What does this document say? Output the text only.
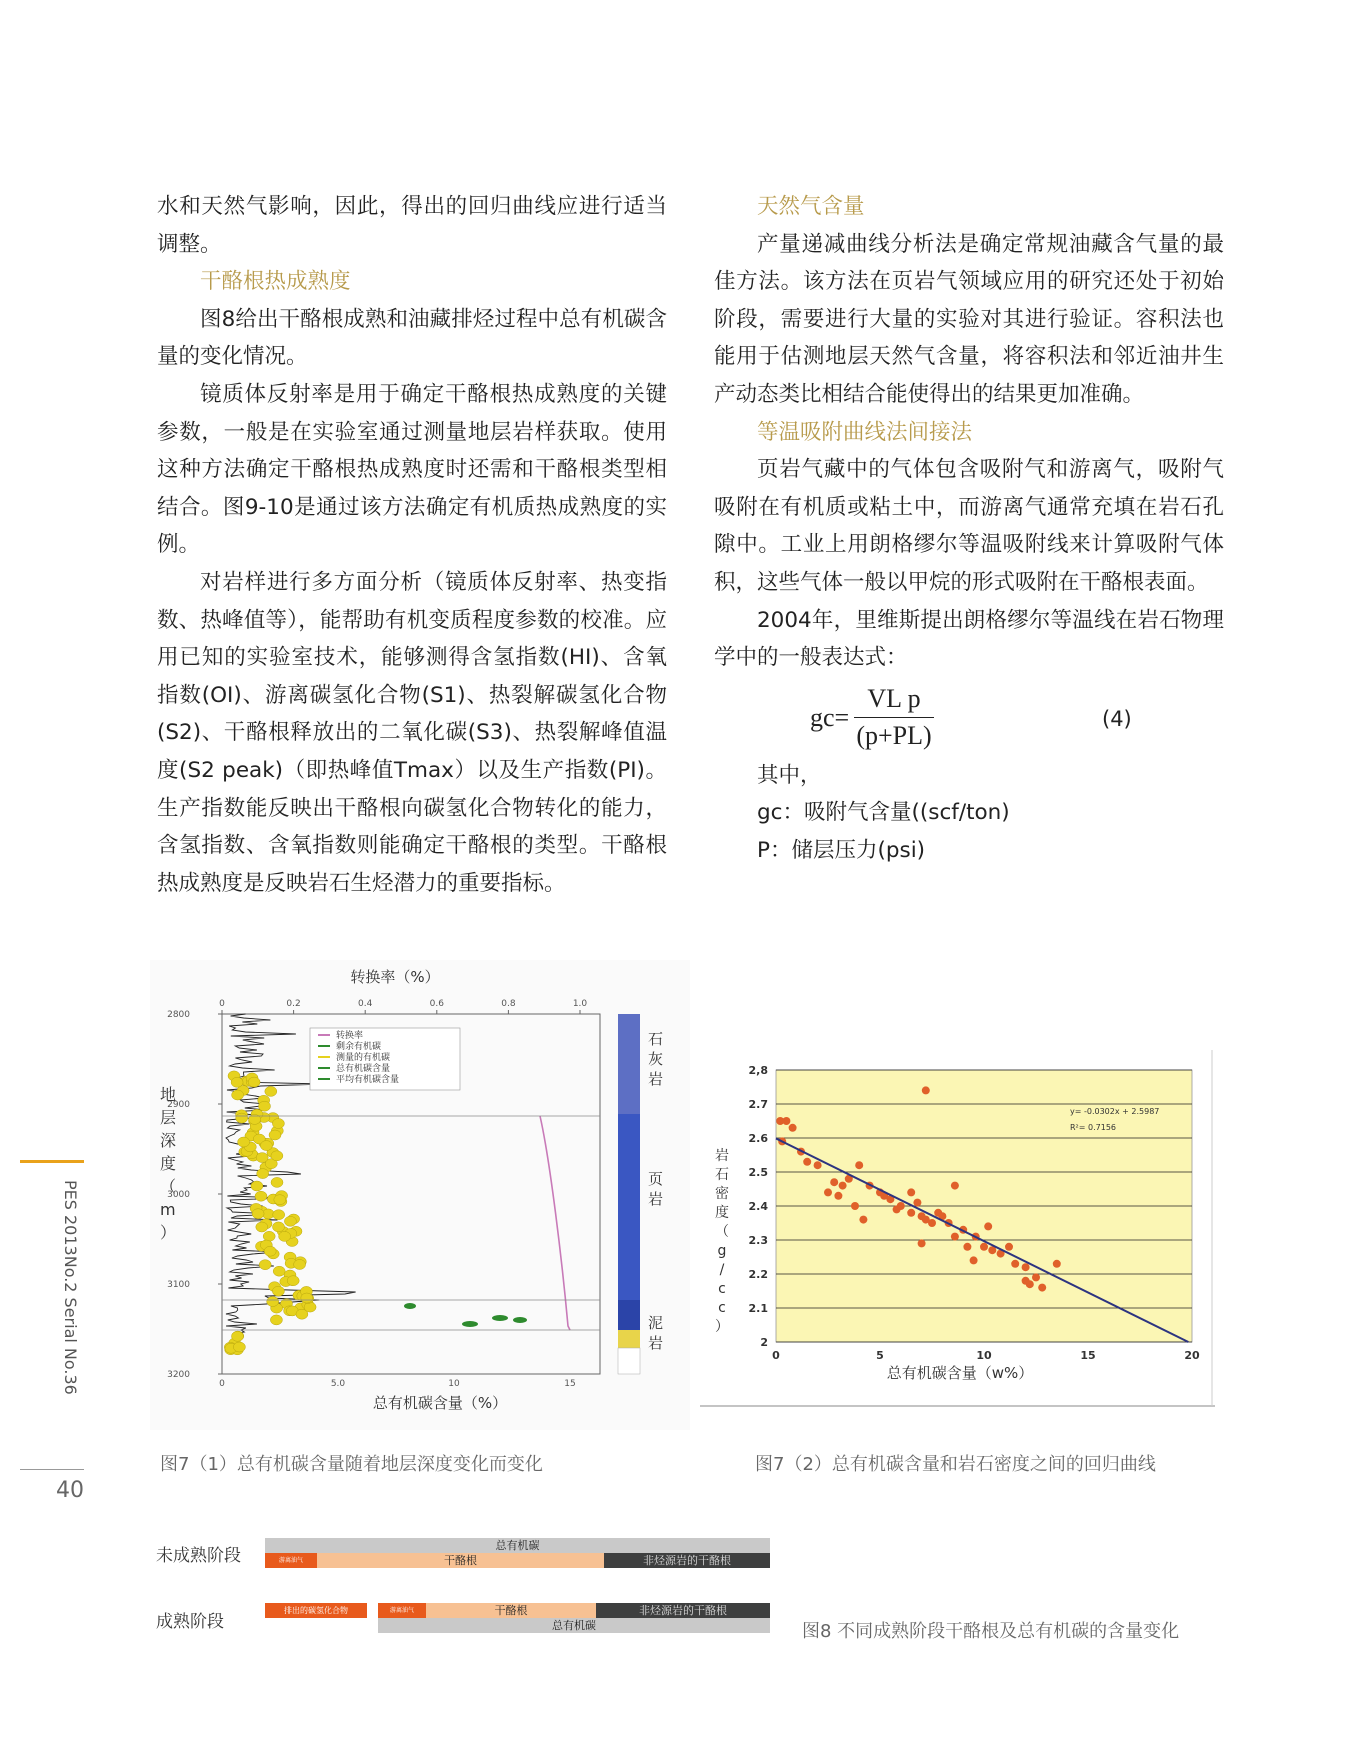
水和天然气影响，因此，得出的回归曲线应进行适当调整。

干酪根热成熟度

图8给出干酪根成熟和油藏排烃过程中总有机碳含量的变化情况。

镜质体反射率是用于确定干酪根热成熟度的关键参数，一般是在实验室通过测量地层岩样获取。使用这种方法确定干酪根热成熟度时还需和干酪根类型相结合。图9-10是通过该方法确定有机质热成熟度的实例。

对岩样进行多方面分析（镜质体反射率、热变指数、热峰值等），能帮助有机变质程度参数的校准。应用已知的实验室技术，能够测得含氢指数(HI)、含氧指数(OI)、游离碳氢化合物(S1)、热裂解碳氢化合物(S2)、干酪根释放出的二氧化碳(S3)、热裂解峰值温度(S2 peak)（即热峰值Tmax）以及生产指数(PI)。生产指数能反映出干酪根向碳氢化合物转化的能力，含氢指数、含氧指数则能确定干酪根的类型。干酪根热成熟度是反映岩石生烃潜力的重要指标。

天然气含量

产量递减曲线分析法是确定常规油藏含气量的最佳方法。该方法在页岩气领域应用的研究还处于初始阶段，需要进行大量的实验对其进行验证。容积法也能用于估测地层天然气含量，将容积法和邻近油井生产动态类比相结合能使得出的结果更加准确。

等温吸附曲线法间接法

页岩气藏中的气体包含吸附气和游离气，吸附气吸附在有机质或粘土中，而游离气通常充填在岩石孔隙中。工业上用朗格缪尔等温吸附线来计算吸附气体积，这些气体一般以甲烷的形式吸附在干酪根表面。

2004年，里维斯提出朗格缪尔等温线在岩石物理学中的一般表达式：

gc=
VL p
(p+PL)
(4)

其中，

gc：吸附气含量((scf/ton)

P：储层压力(psi)

PES 2013No.2 Serial No.36
40
转换率（%）
0	0.2	0.4	0.6	0.8	1.0
2800
2900
3000
3100
3200
0	5.0	10	15
总有机碳含量（%）
地
层
深
度
（
m
）
转换率
剩余有机碳
测量的有机碳
总有机碳含量
平均有机碳含量
石
灰
岩
页
岩
泥
岩	2
2.1
2.2
2.3
2.4
2.5
2.6
2.7
2,8
0	5	10	15	20
y= -0.0302x + 2.5987
R²= 0.7156
总有机碳含量（w%）
岩
石
密
度
（
g
/
c
c
）
图7（1）总有机碳含量随着地层深度变化而变化	图7（2）总有机碳含量和岩石密度之间的回归曲线
未成熟阶段
总有机碳
游离油气	干酪根	非烃源岩的干酪根
成熟阶段
排出的碳氢化合物	游离油气	干酪根	非烃源岩的干酪根
总有机碳	图8 不同成熟阶段干酪根及总有机碳的含量变化
